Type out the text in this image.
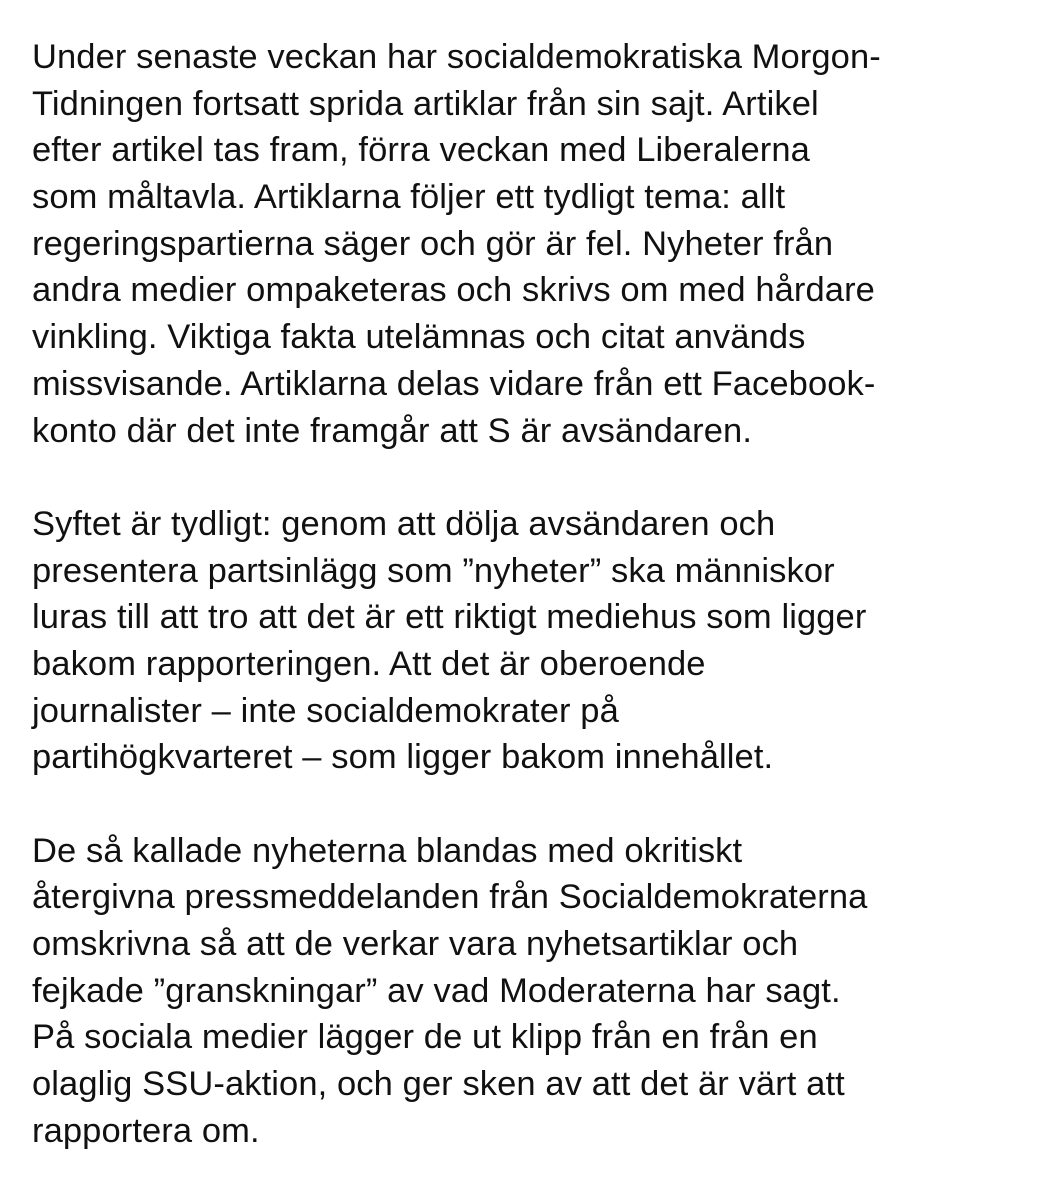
Under senaste veckan har socialdemokratiska Morgon-
Tidningen fortsatt sprida artiklar från sin sajt. Artikel
efter artikel tas fram, förra veckan med Liberalerna
som måltavla. Artiklarna följer ett tydligt tema: allt
regeringspartierna säger och gör är fel. Nyheter från
andra medier ompaketeras och skrivs om med hårdare
vinkling. Viktiga fakta utelämnas och citat används
missvisande. Artiklarna delas vidare från ett Facebook-
konto där det inte framgår att S är avsändaren.

Syftet är tydligt: genom att dölja avsändaren och
presentera partsinlägg som ”nyheter” ska människor
luras till att tro att det är ett riktigt mediehus som ligger
bakom rapporteringen. Att det är oberoende
journalister – inte socialdemokrater på
partihögkvarteret – som ligger bakom innehållet.

De så kallade nyheterna blandas med okritiskt
återgivna pressmeddelanden från Socialdemokraterna
omskrivna så att de verkar vara nyhetsartiklar och
fejkade ”granskningar” av vad Moderaterna har sagt.
På sociala medier lägger de ut klipp från en från en
olaglig SSU-aktion, och ger sken av att det är värt att
rapportera om.
